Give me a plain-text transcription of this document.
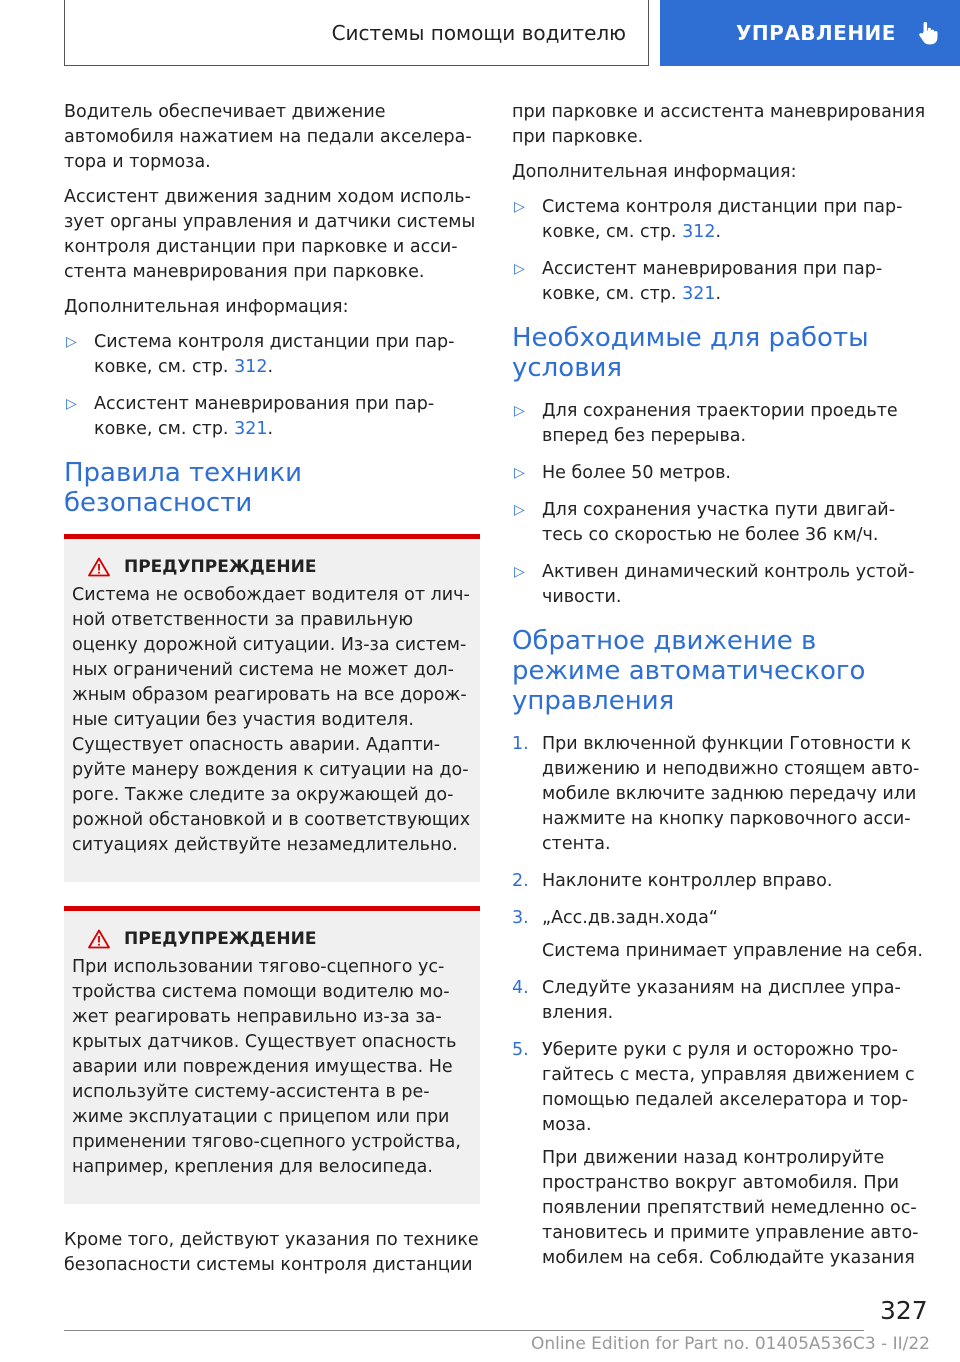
Системы помощи водителю	УПРАВЛЕНИЕ

Водитель обеспечивает движение автомобиля нажатием на педали акселератора и тормоза.

Ассистент движения задним ходом использует органы управления и датчики системы контроля дистанции при парковке и ассистента маневрирования при парковке.

Дополнительная информация:

▷ Система контроля дистанции при парковке, см. стр. 312.
▷ Ассистент маневрирования при парковке, см. стр. 321.
Правила техники безопасности
ПРЕДУПРЕЖДЕНИЕ

Система не освобождает водителя от личной ответственности за правильную оценку дорожной ситуации. Из-за системных ограничений система не может должным образом реагировать на все дорожные ситуации без участия водителя. Существует опасность аварии. Адаптируйте манеру вождения к ситуации на дороге. Также следите за окружающей дорожной обстановкой и в соответствующих ситуациях действуйте незамедлительно.

ПРЕДУПРЕЖДЕНИЕ

При использовании тягово-сцепного устройства система помощи водителю может реагировать неправильно из-за закрытых датчиков. Существует опасность аварии или повреждения имущества. Не используйте систему-ассистента в режиме эксплуатации с прицепом или при применении тягово-сцепного устройства, например, крепления для велосипеда.

Кроме того, действуют указания по технике безопасности системы контроля дистанции

при парковке и ассистента маневрирования при парковке.

Дополнительная информация:

▷ Система контроля дистанции при парковке, см. стр. 312.
▷ Ассистент маневрирования при парковке, см. стр. 321.
Необходимые для работы условия
▷ Для сохранения траектории проедьте вперед без перерыва.
▷ Не более 50 метров.
▷ Для сохранения участка пути двигайтесь со скоростью не более 36 км/ч.
▷ Активен динамический контроль устойчивости.
Обратное движение в режиме автоматического управления
1. При включенной функции Готовности к движению и неподвижно стоящем автомобиле включите заднюю передачу или нажмите на кнопку парковочного ассистента.
2. Наклоните контроллер вправо.
3. „Асс.дв.задн.хода“
Система принимает управление на себя.
4. Следуйте указаниям на дисплее управления.
5. Уберите руки с руля и осторожно трогайтесь с места, управляя движением с помощью педалей акселератора и тормоза.
При движении назад контролируйте пространство вокруг автомобиля. При появлении препятствий немедленно остановитесь и примите управление автомобилем на себя. Соблюдайте указания
327
Online Edition for Part no. 01405A536C3 - II/22
